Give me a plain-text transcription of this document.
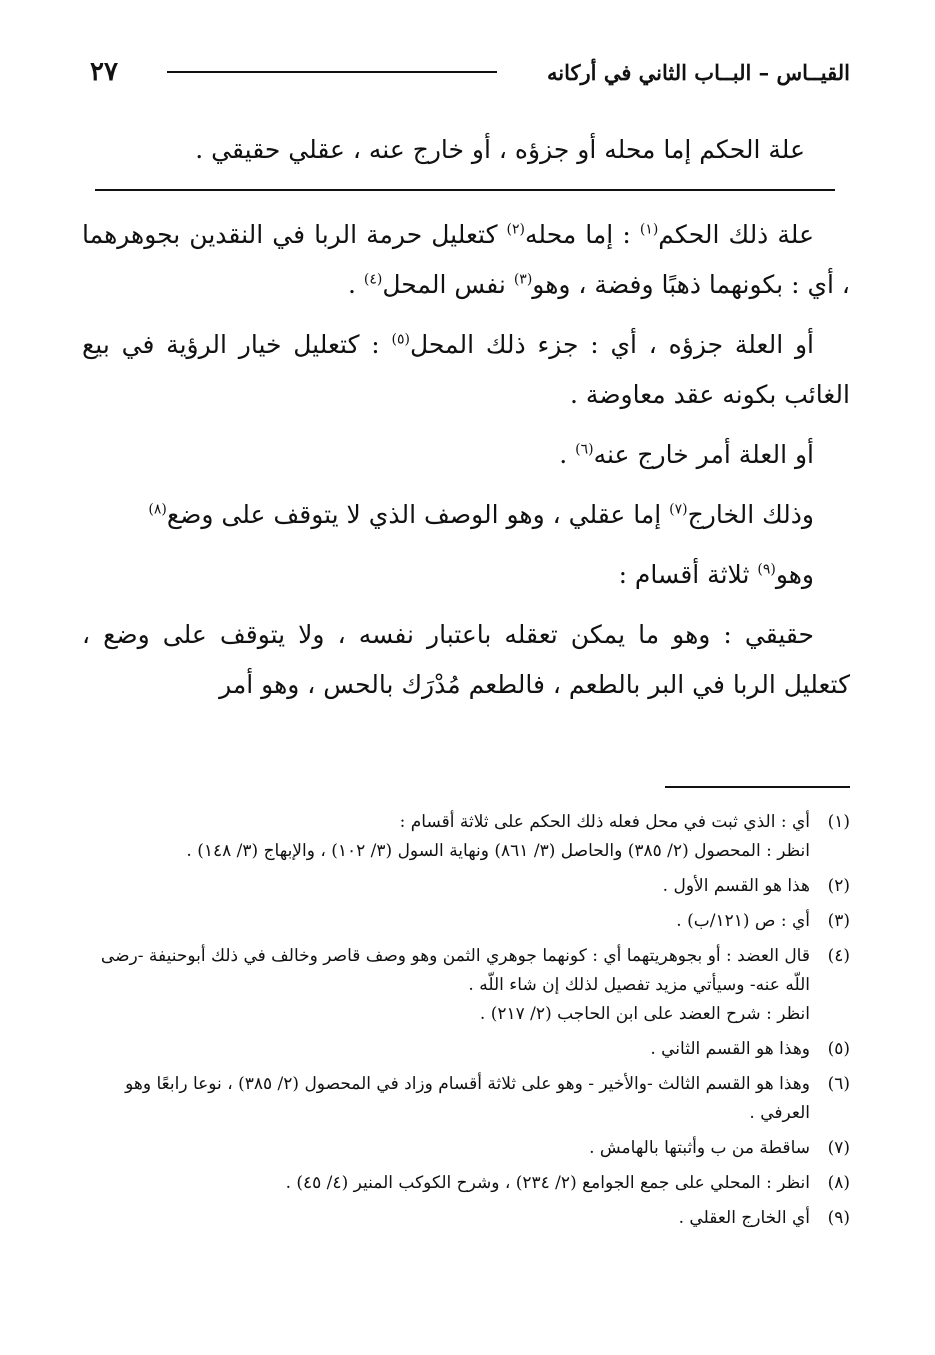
القيــاس – البــاب الثاني في أركانه
٢٧
علة الحكم إما محله أو جزؤه ، أو خارج عنه ، عقلي حقيقي .

علة ذلك الحكم$^{(١)}$ : إما محله$^{(٢)}$ كتعليل حرمة الربا في النقدين بجوهرهما ، أي : بكونهما ذهبًا وفضة ، وهو$^{(٣)}$ نفس المحل$^{(٤)}$ .

أو العلة جزؤه ، أي : جزء ذلك المحل$^{(٥)}$ : كتعليل خيار الرؤية في بيع الغائب بكونه عقد معاوضة .

أو العلة أمر خارج عنه$^{(٦)}$ .

وذلك الخارج$^{(٧)}$ إما عقلي ، وهو الوصف الذي لا يتوقف على وضع$^{(٨)}$

وهو$^{(٩)}$ ثلاثة أقسام :

حقيقي : وهو ما يمكن تعقله باعتبار نفسه ، ولا يتوقف على وضع ، كتعليل الربا في البر بالطعم ، فالطعم مُدْرَك بالحس ، وهو أمر

(١)
أي : الذي ثبت في محل فعله ذلك الحكم على ثلاثة أقسام :
انظر : المحصول (٢/ ٣٨٥) والحاصل (٣/ ٨٦١) ونهاية السول (٣/ ١٠٢) ، والإبهاج (٣/ ١٤٨) .
(٢)
هذا هو القسم الأول .
(٣)
أي : ص (١٢١/ب) .
(٤)
قال العضد : أو بجوهريتهما أي : كونهما جوهري الثمن وهو وصف قاصر وخالف في ذلك أبوحنيفة -رضى اللّه عنه- وسيأتي مزيد تفصيل لذلك إن شاء اللّه .
انظر : شرح العضد على ابن الحاجب (٢/ ٢١٧) .
(٥)
وهذا هو القسم الثاني .
(٦)
وهذا هو القسم الثالث -والأخير - وهو على ثلاثة أقسام وزاد في المحصول (٢/ ٣٨٥) ، نوعا رابعًا وهو العرفي .
(٧)
ساقطة من ب وأثبتها بالهامش .
(٨)
انظر : المحلي على جمع الجوامع (٢/ ٢٣٤) ، وشرح الكوكب المنير (٤/ ٤٥) .
(٩)
أي الخارج العقلي .
